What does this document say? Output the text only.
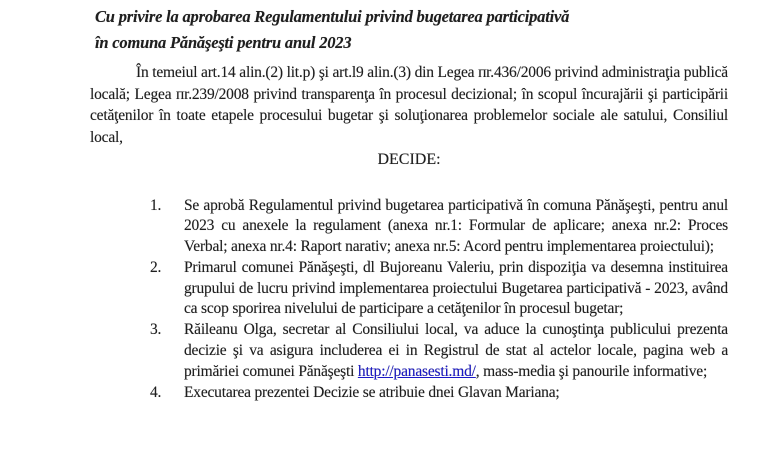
Cu privire la aprobarea Regulamentului privind bugetarea participativă
în comuna Pănăşeşti pentru anul 2023

În temeiul art.14 alin.(2) lit.p) şi art.l9 alin.(3) din Legea пr.436/2006 privind administraţia publică locală; Legea пr.239/2008 privind transparenţa în procesul decizional; în scopul încurajării şi participării cetăţenilor în toate etapele procesului bugetar şi soluţionarea problemelor sociale ale satului, Consiliul local,

DECIDE:
1.	Se aprobă Regulamentul privind bugetarea participativă în comuna Pănăşeşti, pentru anul 2023 cu anexele la regulament (anexa nr.1: Formular de aplicare; anexa nr.2: Proces Verbal; anexa nr.4: Raport narativ; anexa nr.5: Acord pentru implementarea proiectului);
2.	Primarul comunei Pănăşeşti, dl Bujoreanu Valeriu, prin dispoziţia va desemna instituirea grupului de lucru privind implementarea proiectului Bugetarea participativă - 2023, având ca scop sporirea nivelului de participare a cetăţenilor în procesul bugetar;
3.	Răileanu Olga, secretar al Consiliului local, va aduce la cunoştinţa publicului prezenta decizie şi va asigura includerea ei in Registrul de stat al actelor locale, pagina web a primăriei comunei Pănăşeşti http://panasesti.md/, mass-media şi panourile informative;
4.	Executarea prezentei Decizie se atribuie dnei Glavan Mariana;
